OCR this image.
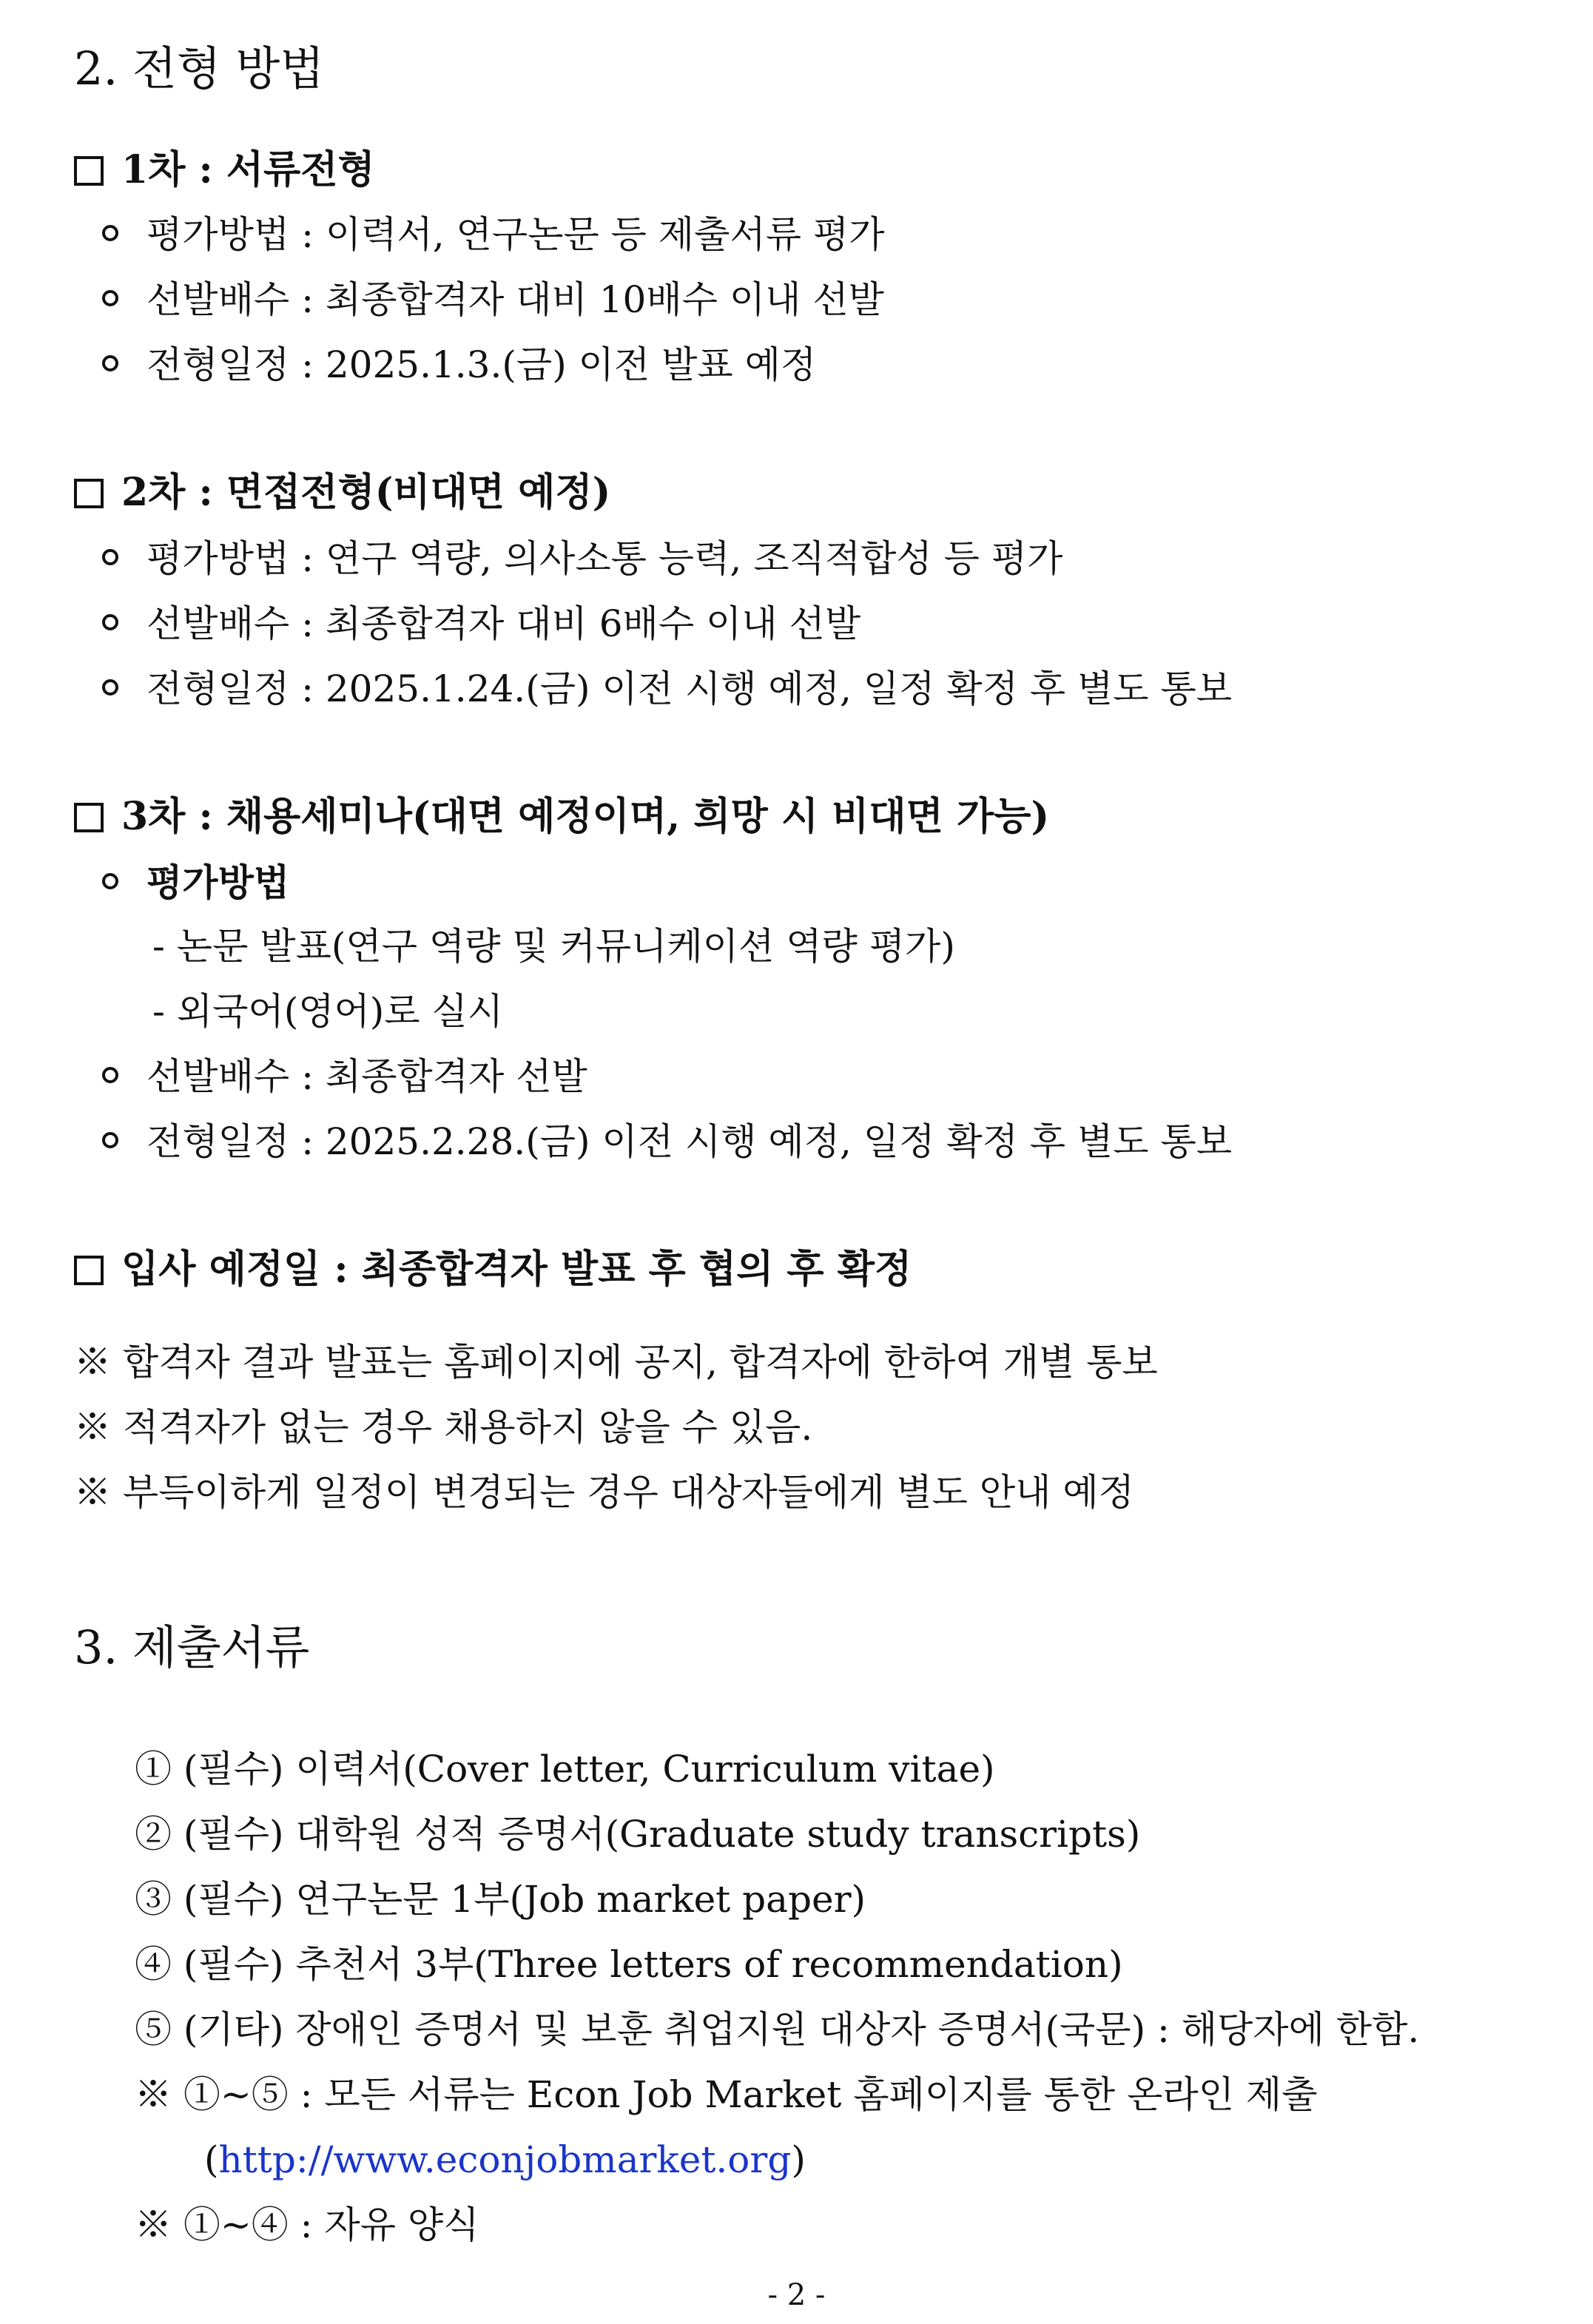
2. 전형 방법
1차 : 서류전형
평가방법 : 이력서, 연구논문 등 제출서류 평가
선발배수 : 최종합격자 대비 10배수 이내 선발
전형일정 : 2025.1.3.(금) 이전 발표 예정
2차 : 면접전형(비대면 예정)
평가방법 : 연구 역량, 의사소통 능력, 조직적합성 등 평가
선발배수 : 최종합격자 대비 6배수 이내 선발
전형일정 : 2025.1.24.(금) 이전 시행 예정, 일정 확정 후 별도 통보
3차 : 채용세미나(대면 예정이며, 희망 시 비대면 가능)
평가방법
- 논문 발표(연구 역량 및 커뮤니케이션 역량 평가)
- 외국어(영어)로 실시
선발배수 : 최종합격자 선발
전형일정 : 2025.2.28.(금) 이전 시행 예정, 일정 확정 후 별도 통보
입사 예정일 : 최종합격자 발표 후 협의 후 확정
※ 합격자 결과 발표는 홈페이지에 공지, 합격자에 한하여 개별 통보
※ 적격자가 없는 경우 채용하지 않을 수 있음.
※ 부득이하게 일정이 변경되는 경우 대상자들에게 별도 안내 예정
3. 제출서류
① (필수) 이력서(Cover letter, Curriculum vitae)
② (필수) 대학원 성적 증명서(Graduate study transcripts)
③ (필수) 연구논문 1부(Job market paper)
④ (필수) 추천서 3부(Three letters of recommendation)
⑤ (기타) 장애인 증명서 및 보훈 취업지원 대상자 증명서(국문) : 해당자에 한함.
※ ①~⑤ : 모든 서류는 Econ Job Market 홈페이지를 통한 온라인 제출
(http://www.econjobmarket.org)
※ ①~④ : 자유 양식
- 2 -
